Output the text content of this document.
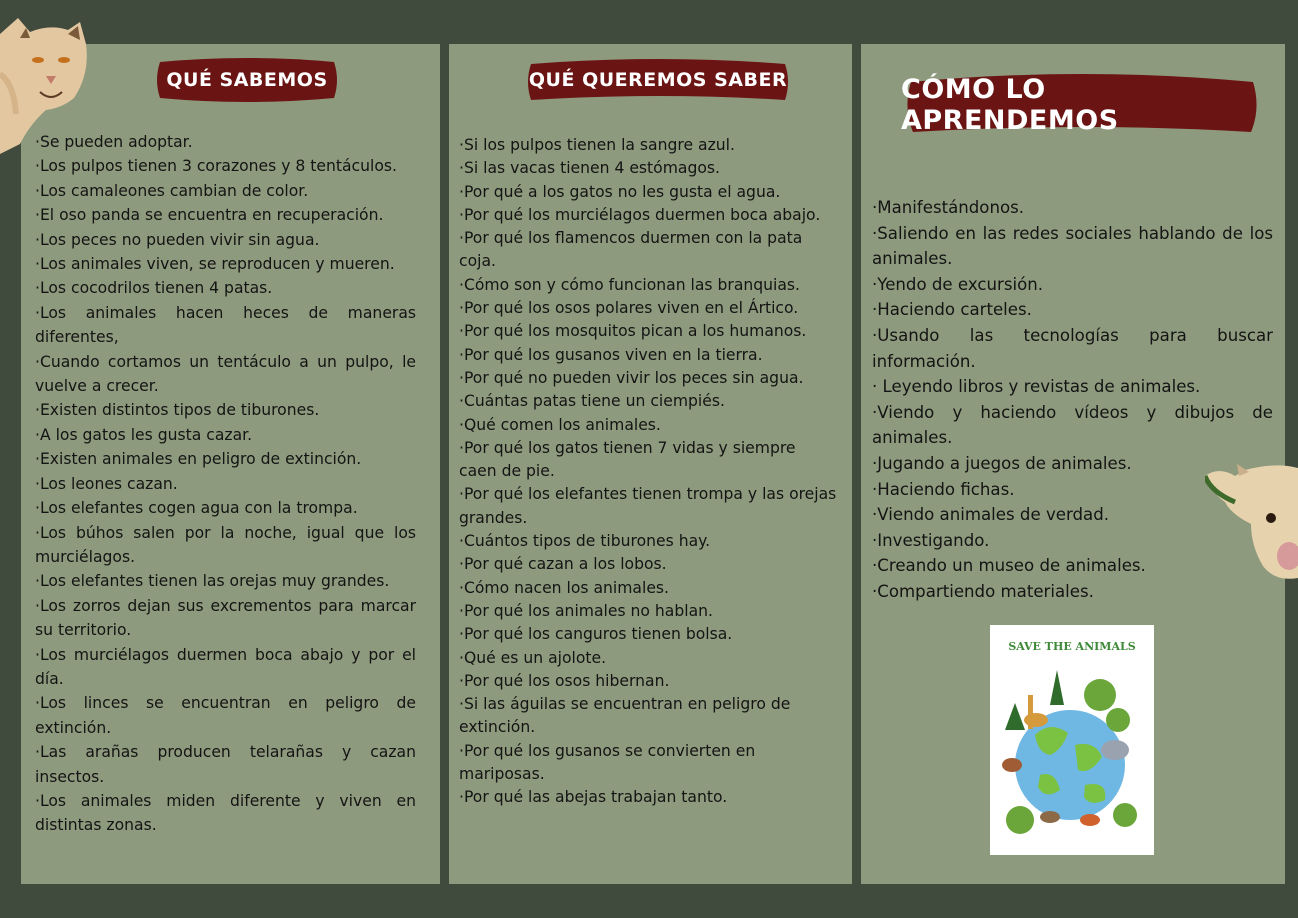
QUÉ SABEMOS
·Se pueden adoptar.
·Los pulpos tienen 3 corazones y 8 tentáculos.
·Los camaleones cambian de color.
·El oso panda se encuentra en recuperación.
·Los peces no pueden vivir sin agua.
·Los animales viven, se reproducen y mueren.
·Los cocodrilos tienen 4 patas.
·Los animales hacen heces de maneras diferentes,
·Cuando cortamos un tentáculo a un pulpo, le vuelve a crecer.
·Existen distintos tipos de tiburones.
·A los gatos les gusta cazar.
·Existen animales en peligro de extinción.
·Los leones cazan.
·Los elefantes cogen agua con la trompa.
·Los búhos salen por la noche, igual que los murciélagos.
·Los elefantes tienen las orejas muy grandes.
·Los zorros dejan sus excrementos para marcar su territorio.
·Los murciélagos duermen boca abajo y por el día.
·Los linces se encuentran en peligro de extinción.
·Las arañas producen telarañas y cazan insectos.
·Los animales miden diferente y viven en distintas zonas.
QUÉ QUEREMOS SABER
·Si los pulpos tienen la sangre azul.
·Si las vacas tienen 4 estómagos.
·Por qué a los gatos no les gusta el agua.
·Por qué los murciélagos duermen boca abajo.
·Por qué los flamencos duermen con la pata coja.
·Cómo son y cómo funcionan las branquias.
·Por qué los osos polares viven en el Ártico.
·Por qué los mosquitos pican a los humanos.
·Por qué los gusanos viven en la tierra.
·Por qué no pueden vivir los peces sin agua.
·Cuántas patas tiene un ciempiés.
·Qué comen los animales.
·Por qué los gatos tienen 7 vidas y siempre caen de pie.
·Por qué los elefantes tienen trompa y las orejas grandes.
·Cuántos tipos de tiburones hay.
·Por qué cazan a los lobos.
·Cómo nacen los animales.
·Por qué los animales no hablan.
·Por qué los canguros tienen bolsa.
·Qué es un ajolote.
·Por qué los osos hibernan.
·Si las águilas se encuentran en peligro de extinción.
·Por qué los gusanos se convierten en mariposas.
·Por qué las abejas trabajan tanto.
CÓMO LO APRENDEMOS
·Manifestándonos.
·Saliendo en las redes sociales hablando de los animales.
·Yendo de excursión.
·Haciendo carteles.
·Usando las tecnologías para buscar información.
· Leyendo libros y revistas de animales.
·Viendo y haciendo vídeos y dibujos de animales.
·Jugando a juegos de animales.
·Haciendo fichas.
·Viendo animales de verdad.
·Investigando.
·Creando un museo de animales.
·Compartiendo materiales.
SAVE THE ANIMALS
